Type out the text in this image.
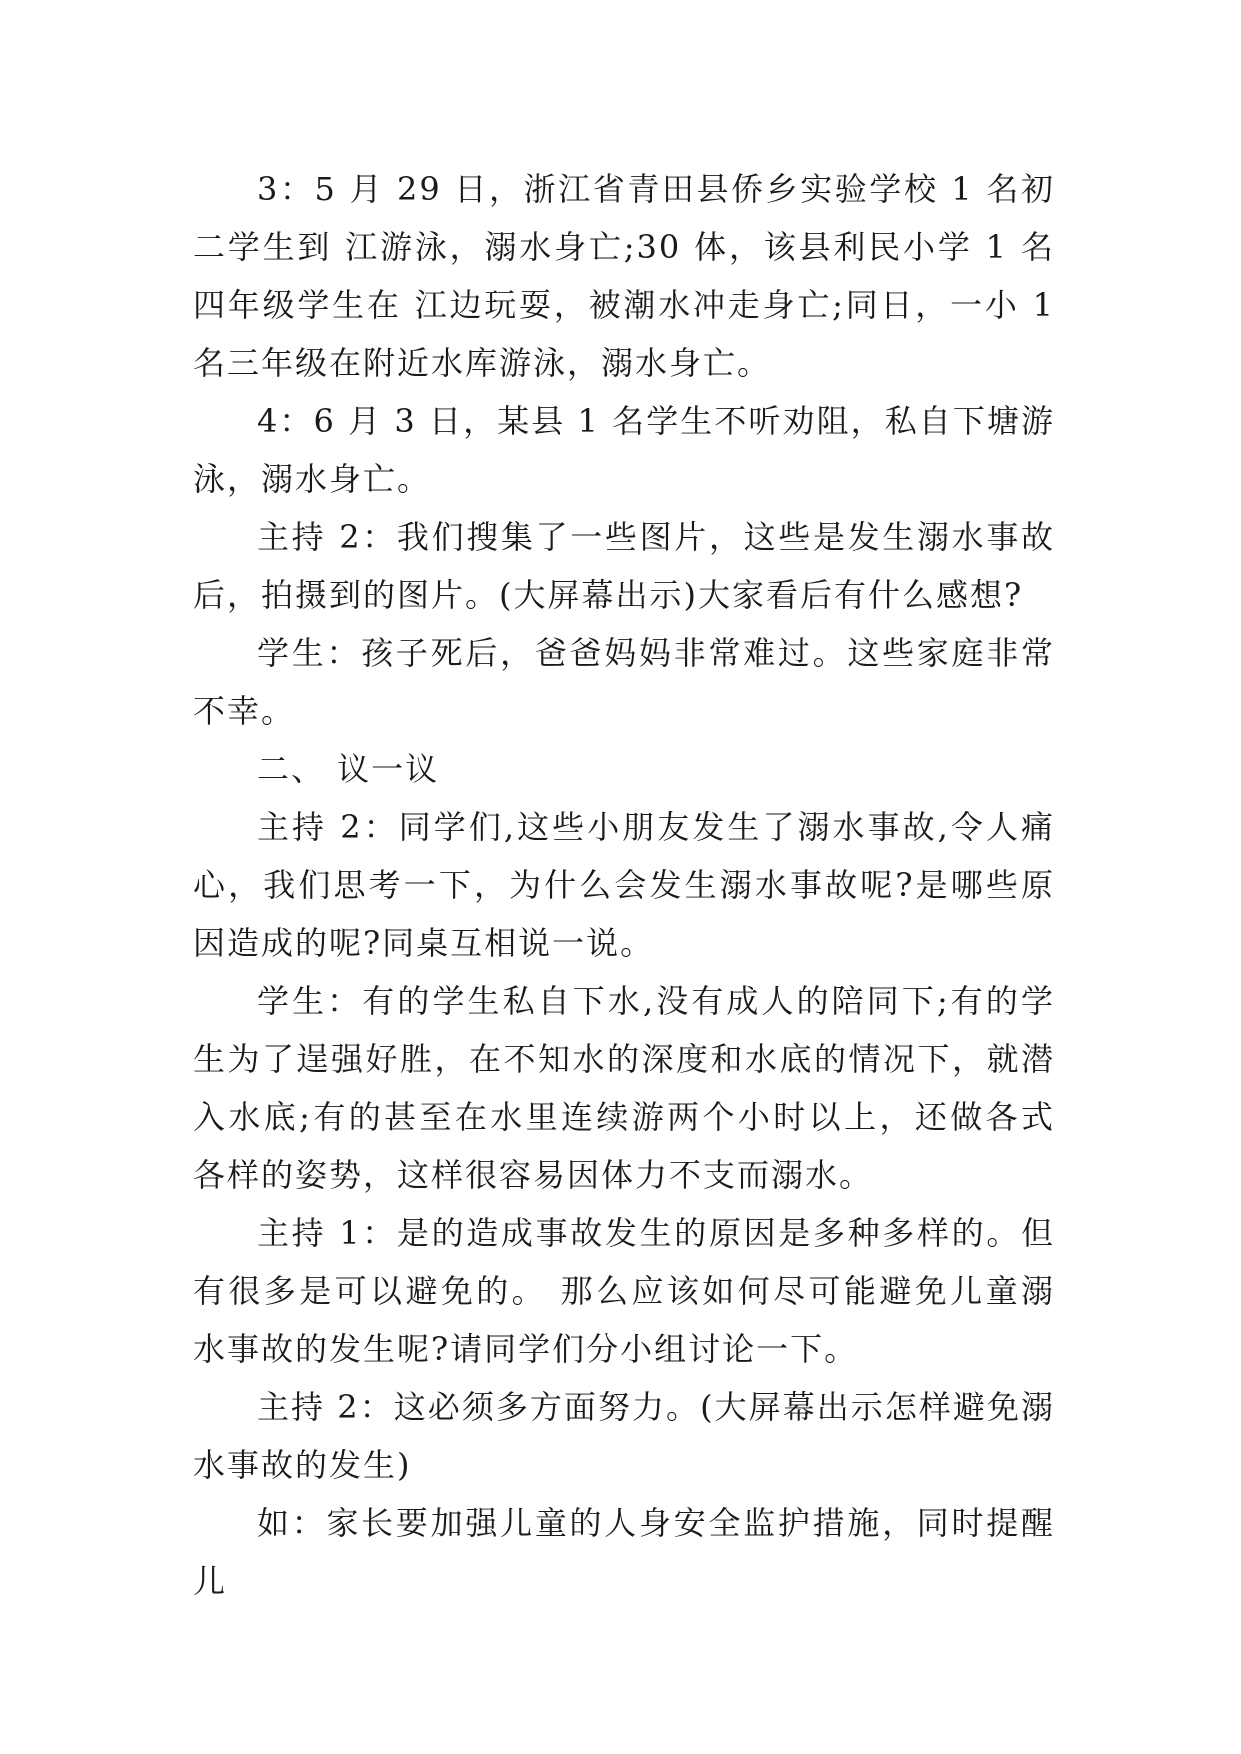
3：5 月 29 日，浙江省青田县侨乡实验学校 1 名初二学生到 江游泳，溺水身亡;30 体，该县利民小学 1 名四年级学生在 江边玩耍，被潮水冲走身亡;同日，一小 1 名三年级在附近水库游泳，溺水身亡。

4：6 月 3 日，某县 1 名学生不听劝阻，私自下塘游泳，溺水身亡。

主持 2：我们搜集了一些图片，这些是发生溺水事故后，拍摄到的图片。(大屏幕出示)大家看后有什么感想?

学生：孩子死后，爸爸妈妈非常难过。这些家庭非常不幸。

二、 议一议

主持 2：同学们,这些小朋友发生了溺水事故,令人痛心，我们思考一下，为什么会发生溺水事故呢?是哪些原因造成的呢?同桌互相说一说。

学生：有的学生私自下水,没有成人的陪同下;有的学生为了逞强好胜，在不知水的深度和水底的情况下，就潜入水底;有的甚至在水里连续游两个小时以上，还做各式各样的姿势，这样很容易因体力不支而溺水。

主持 1：是的造成事故发生的原因是多种多样的。但有很多是可以避免的。 那么应该如何尽可能避免儿童溺水事故的发生呢?请同学们分小组讨论一下。

主持 2：这必须多方面努力。(大屏幕出示怎样避免溺水事故的发生)

如：家长要加强儿童的人身安全监护措施，同时提醒儿
